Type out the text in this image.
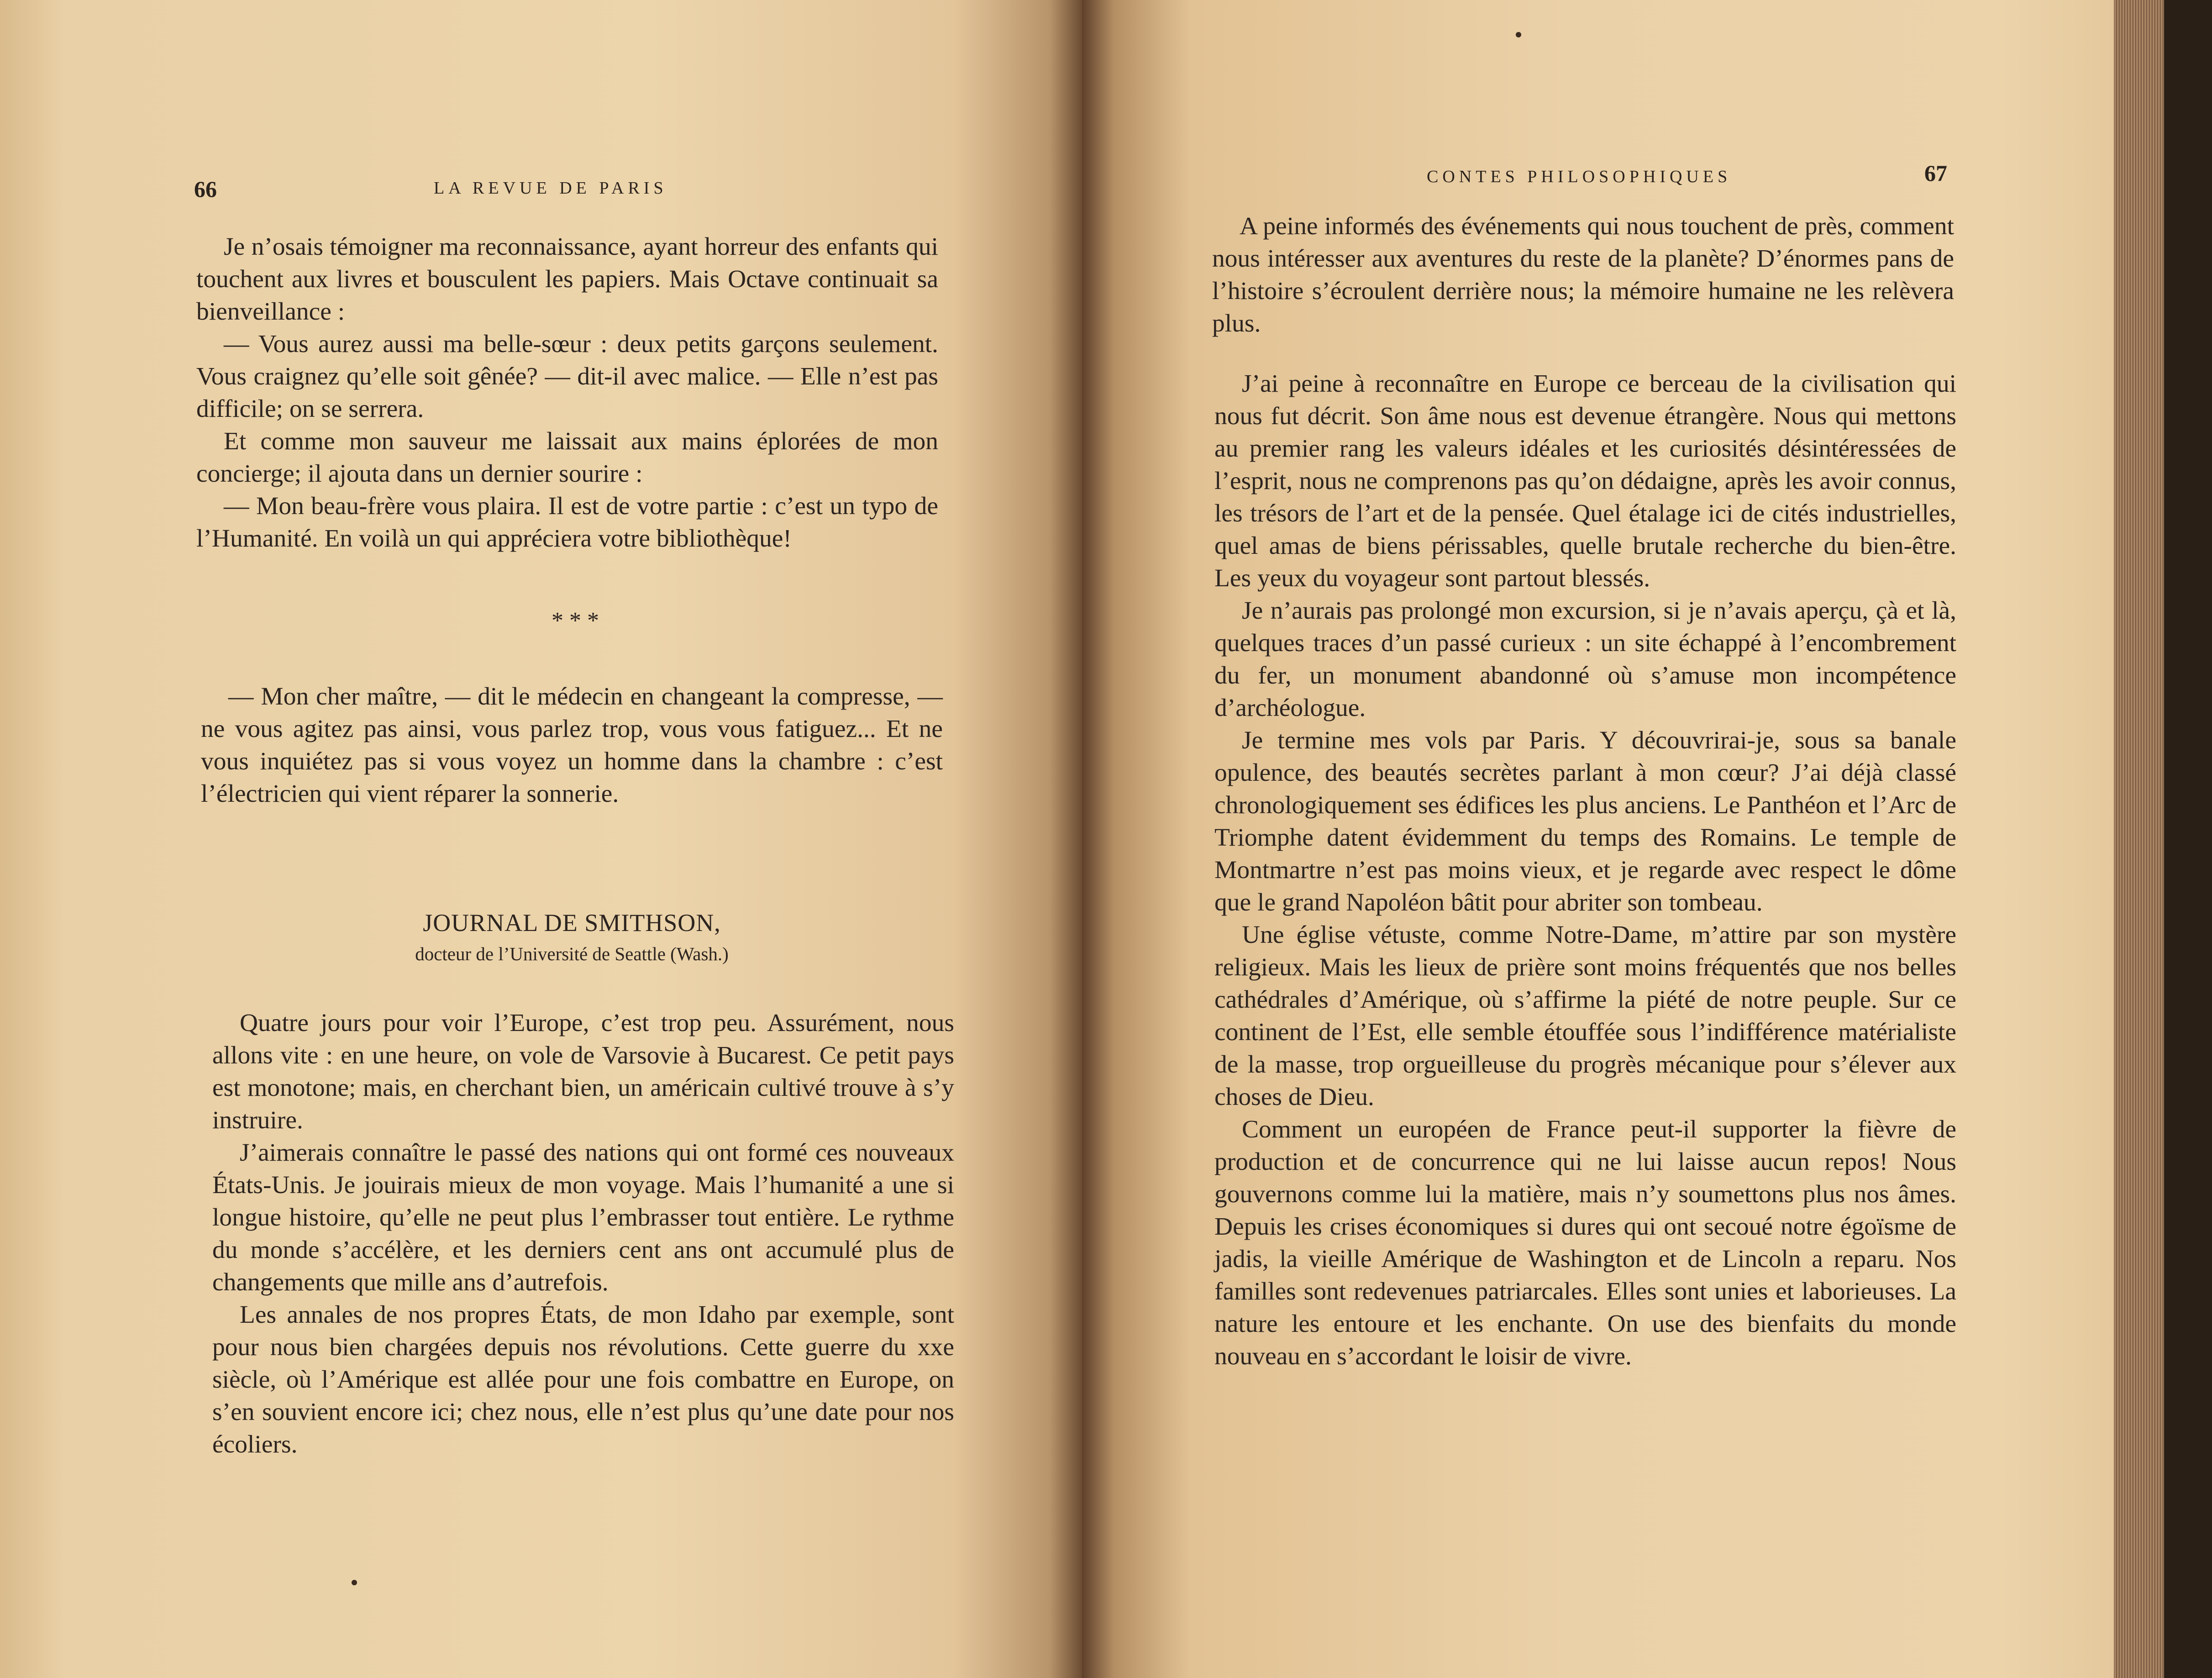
66	LA REVUE DE PARIS

Je n’osais témoigner ma reconnaissance, ayant horreur des enfants qui touchent aux livres et bousculent les papiers. Mais Octave continuait sa bienveillance :

— Vous aurez aussi ma belle-sœur : deux petits garçons seulement. Vous craignez qu’elle soit gênée? — dit-il avec malice. — Elle n’est pas difficile; on se serrera.

Et comme mon sauveur me laissait aux mains éplorées de mon concierge; il ajouta dans un dernier sourire :

— Mon beau-frère vous plaira. Il est de votre partie : c’est un typo de l’Humanité. En voilà un qui appréciera votre bibliothèque!

* * *

— Mon cher maître, — dit le médecin en changeant la compresse, — ne vous agitez pas ainsi, vous parlez trop, vous vous fatiguez... Et ne vous inquiétez pas si vous voyez un homme dans la chambre : c’est l’électricien qui vient réparer la sonnerie.

JOURNAL DE SMITHSON,
docteur de l’Université de Seattle (Wash.)

Quatre jours pour voir l’Europe, c’est trop peu. Assurément, nous allons vite : en une heure, on vole de Varsovie à Bucarest. Ce petit pays est monotone; mais, en cherchant bien, un américain cultivé trouve à s’y instruire.

J’aimerais connaître le passé des nations qui ont formé ces nouveaux États-Unis. Je jouirais mieux de mon voyage. Mais l’humanité a une si longue histoire, qu’elle ne peut plus l’embrasser tout entière. Le rythme du monde s’accélère, et les derniers cent ans ont accumulé plus de changements que mille ans d’autrefois.

Les annales de nos propres États, de mon Idaho par exemple, sont pour nous bien chargées depuis nos révolutions. Cette guerre du xxe siècle, où l’Amérique est allée pour une fois combattre en Europe, on s’en souvient encore ici; chez nous, elle n’est plus qu’une date pour nos écoliers.

CONTES PHILOSOPHIQUES	67

A peine informés des événements qui nous touchent de près, comment nous intéresser aux aventures du reste de la planète? D’énormes pans de l’histoire s’écroulent derrière nous; la mémoire humaine ne les relèvera plus.

J’ai peine à reconnaître en Europe ce berceau de la civilisation qui nous fut décrit. Son âme nous est devenue étrangère. Nous qui mettons au premier rang les valeurs idéales et les curiosités désintéressées de l’esprit, nous ne comprenons pas qu’on dédaigne, après les avoir connus, les trésors de l’art et de la pensée. Quel étalage ici de cités industrielles, quel amas de biens périssables, quelle brutale recherche du bien-être. Les yeux du voyageur sont partout blessés.

Je n’aurais pas prolongé mon excursion, si je n’avais aperçu, çà et là, quelques traces d’un passé curieux : un site échappé à l’encombrement du fer, un monument abandonné où s’amuse mon incompétence d’archéologue.

Je termine mes vols par Paris. Y découvrirai-je, sous sa banale opulence, des beautés secrètes parlant à mon cœur? J’ai déjà classé chronologiquement ses édifices les plus anciens. Le Panthéon et l’Arc de Triomphe datent évidemment du temps des Romains. Le temple de Montmartre n’est pas moins vieux, et je regarde avec respect le dôme que le grand Napoléon bâtit pour abriter son tombeau.

Une église vétuste, comme Notre-Dame, m’attire par son mystère religieux. Mais les lieux de prière sont moins fréquentés que nos belles cathédrales d’Amérique, où s’affirme la piété de notre peuple. Sur ce continent de l’Est, elle semble étouffée sous l’indifférence matérialiste de la masse, trop orgueilleuse du progrès mécanique pour s’élever aux choses de Dieu.

Comment un européen de France peut-il supporter la fièvre de production et de concurrence qui ne lui laisse aucun repos! Nous gouvernons comme lui la matière, mais n’y soumettons plus nos âmes. Depuis les crises économiques si dures qui ont secoué notre égoïsme de jadis, la vieille Amérique de Washington et de Lincoln a reparu. Nos familles sont redevenues patriarcales. Elles sont unies et laborieuses. La nature les entoure et les enchante. On use des bienfaits du monde nouveau en s’accordant le loisir de vivre.
